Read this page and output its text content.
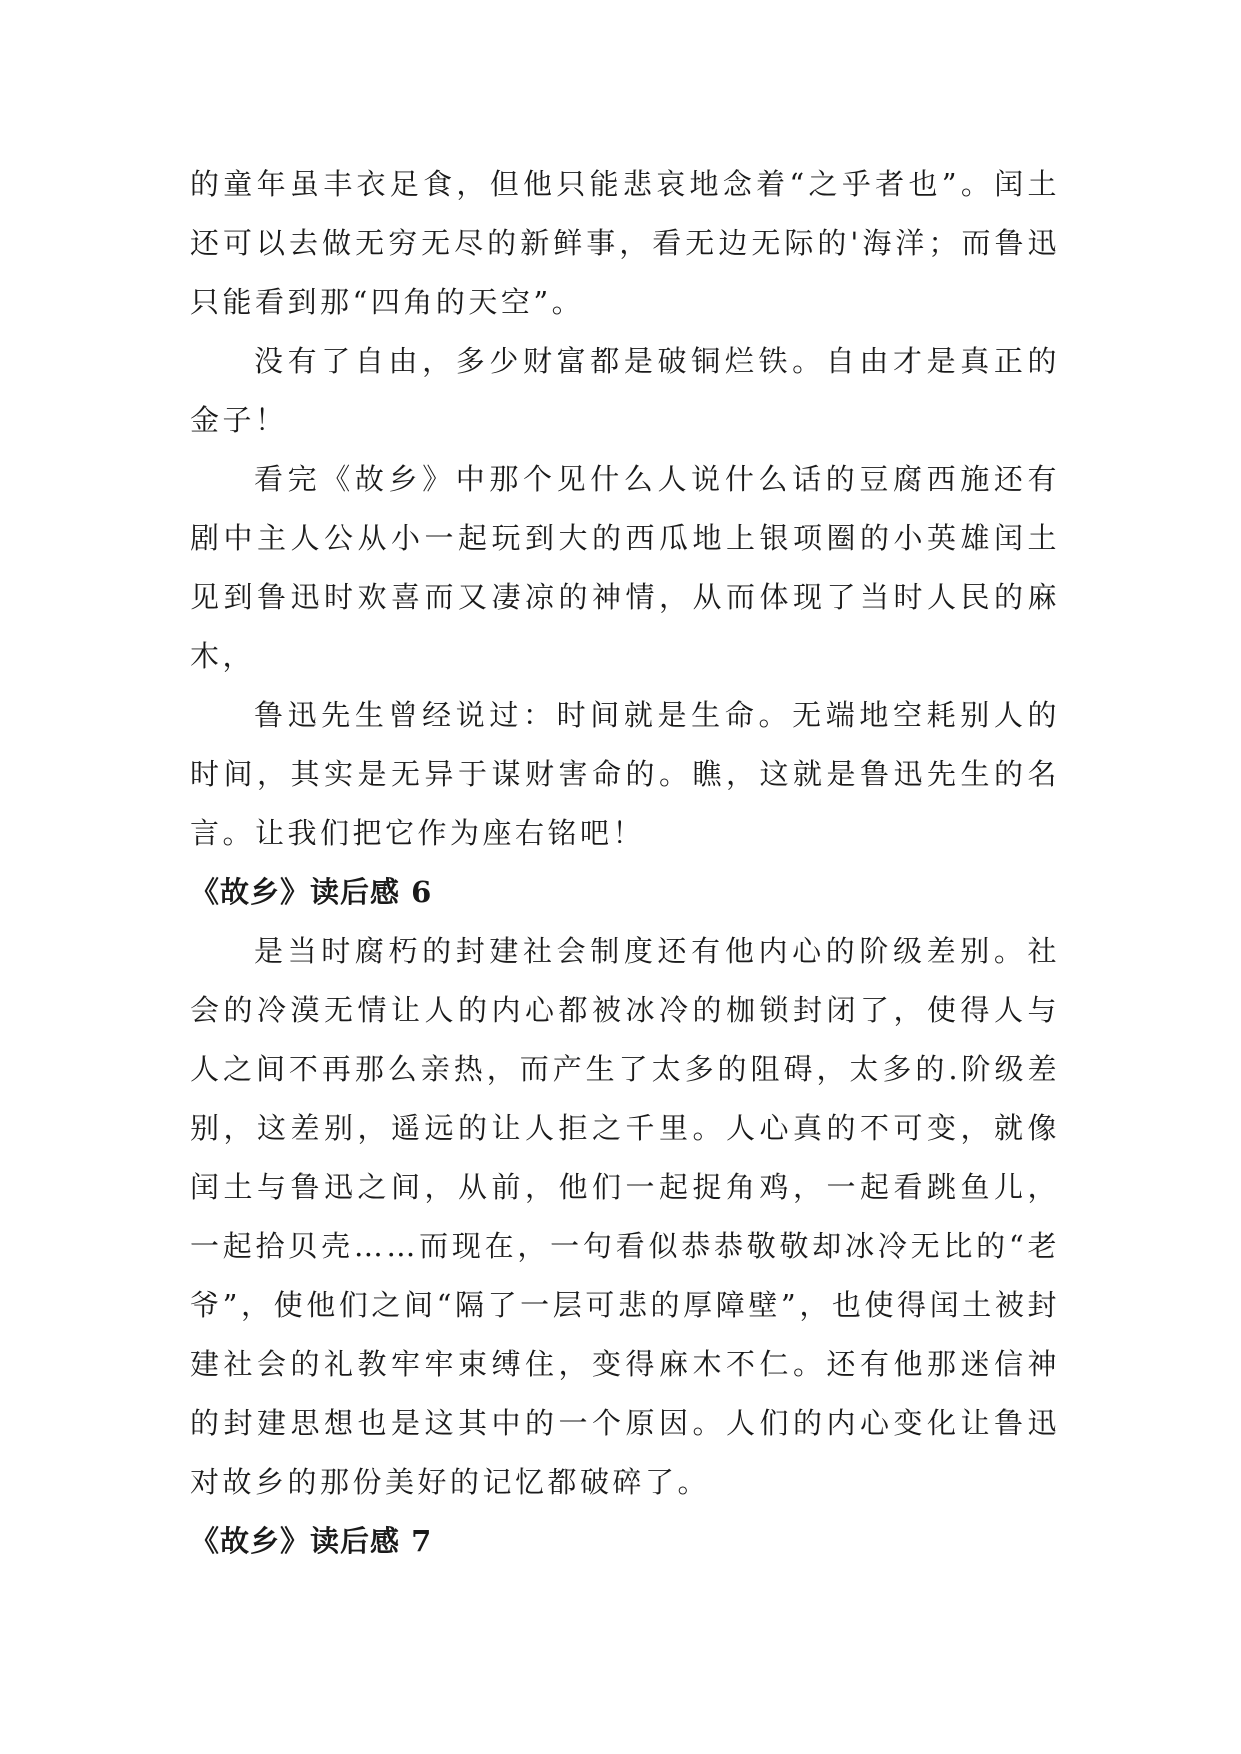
的童年虽丰衣足食，但他只能悲哀地念着“之乎者也”。闰土还可以去做无穷无尽的新鲜事，看无边无际的'海洋；而鲁迅只能看到那“四角的天空”。

没有了自由，多少财富都是破铜烂铁。自由才是真正的金子！

看完《故乡》中那个见什么人说什么话的豆腐西施还有剧中主人公从小一起玩到大的西瓜地上银项圈的小英雄闰土见到鲁迅时欢喜而又凄凉的神情，从而体现了当时人民的麻木，

鲁迅先生曾经说过：时间就是生命。无端地空耗别人的时间，其实是无异于谋财害命的。瞧，这就是鲁迅先生的名言。让我们把它作为座右铭吧！

《故乡》读后感 6

是当时腐朽的封建社会制度还有他内心的阶级差别。社会的冷漠无情让人的内心都被冰冷的枷锁封闭了，使得人与人之间不再那么亲热，而产生了太多的阻碍，太多的.阶级差别，这差别，遥远的让人拒之千里。人心真的不可变，就像闰土与鲁迅之间，从前，他们一起捉角鸡，一起看跳鱼儿，一起拾贝壳……而现在，一句看似恭恭敬敬却冰冷无比的“老爷”，使他们之间“隔了一层可悲的厚障壁”，也使得闰土被封建社会的礼教牢牢束缚住，变得麻木不仁。还有他那迷信神的封建思想也是这其中的一个原因。人们的内心变化让鲁迅对故乡的那份美好的记忆都破碎了。

《故乡》读后感 7
